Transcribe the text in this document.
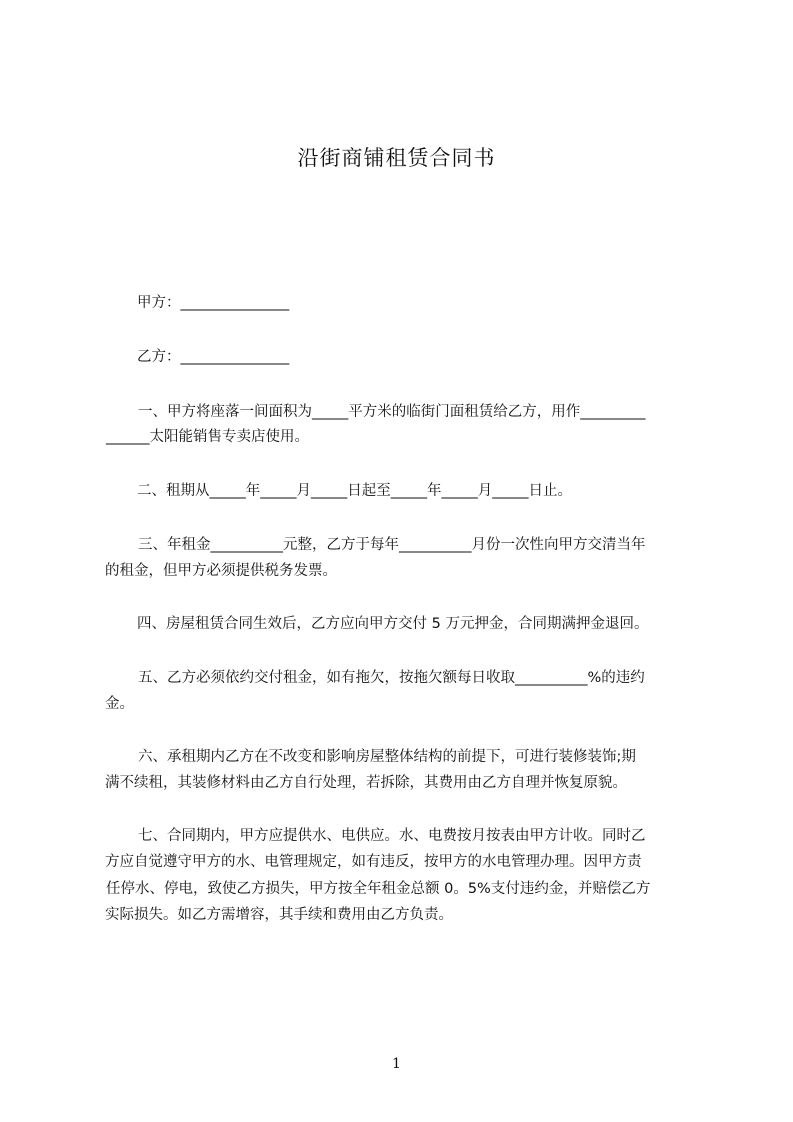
沿街商铺租赁合同书
甲方：_______________
乙方：_______________
一、甲方将座落一间面积为_____平方米的临街门面租赁给乙方，用作_________
______太阳能销售专卖店使用。
二、租期从_____年_____月_____日起至_____年_____月_____日止。
三、年租金__________元整，乙方于每年__________月份一次性向甲方交清当年
的租金，但甲方必须提供税务发票。
四、房屋租赁合同生效后，乙方应向甲方交付 5 万元押金，合同期满押金退回。
五、乙方必须依约交付租金，如有拖欠，按拖欠额每日收取__________%的违约
金。
六、承租期内乙方在不改变和影响房屋整体结构的前提下，可进行装修装饰;期
满不续租，其装修材料由乙方自行处理，若拆除，其费用由乙方自理并恢复原貌。
七、合同期内，甲方应提供水、电供应。水、电费按月按表由甲方计收。同时乙
方应自觉遵守甲方的水、电管理规定，如有违反，按甲方的水电管理办理。因甲方责
任停水、停电，致使乙方损失，甲方按全年租金总额 0。5%支付违约金，并赔偿乙方
实际损失。如乙方需增容，其手续和费用由乙方负责。
1
